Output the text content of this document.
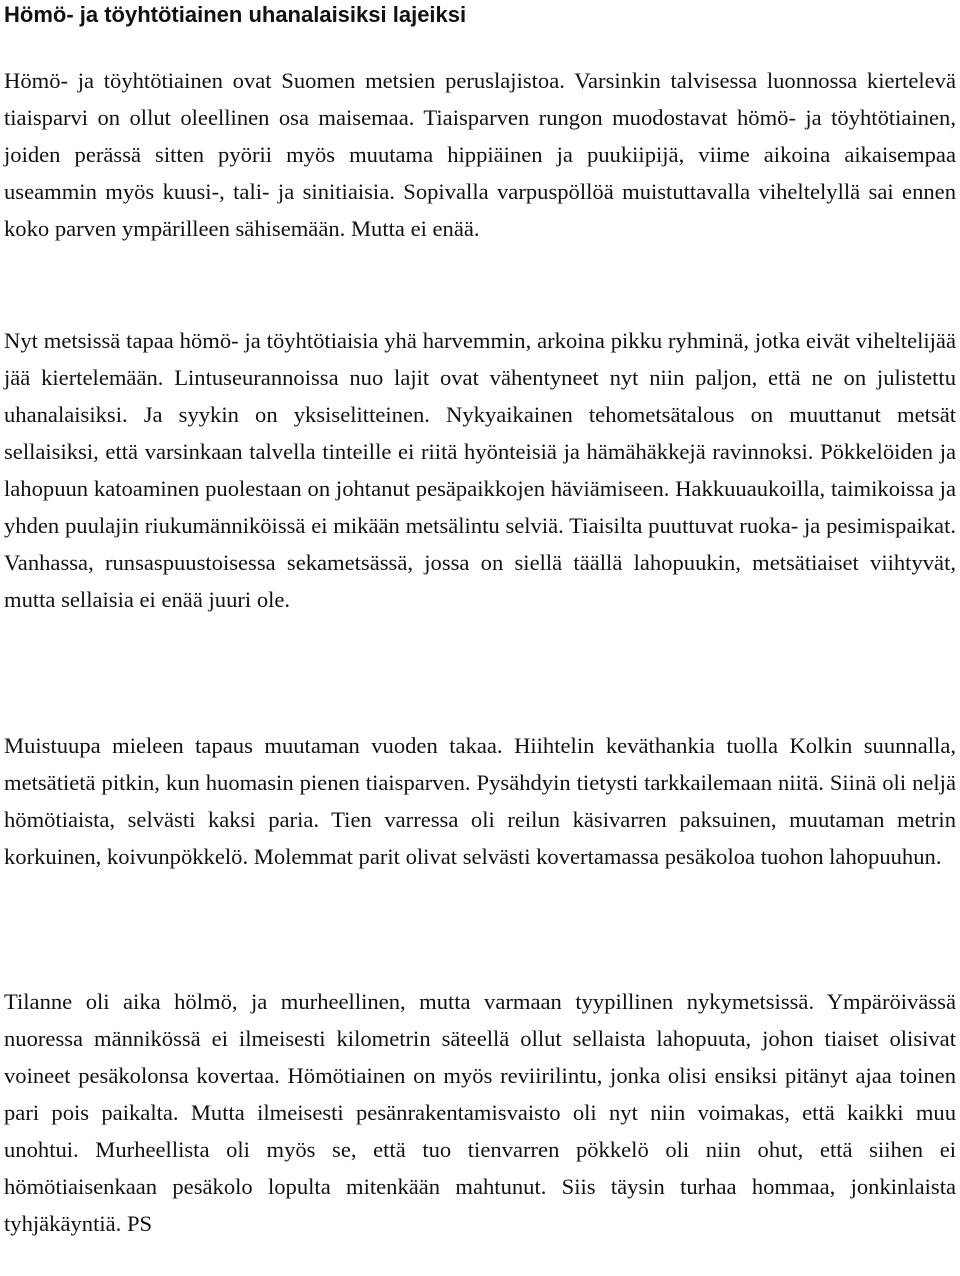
Hömö- ja töyhtötiainen uhanalaisiksi lajeiksi

Hömö- ja töyhtötiainen ovat Suomen metsien peruslajistoa. Varsinkin talvisessa luonnossa kiertelevä tiaisparvi on ollut oleellinen osa maisemaa. Tiaisparven rungon muodostavat hömö- ja töyhtötiainen, joiden perässä sitten pyörii myös muutama hippiäinen ja puukiipijä, viime aikoina aikaisempaa useammin myös kuusi-, tali- ja sinitiaisia. Sopivalla varpuspöllöä muistuttavalla viheltelyllä sai ennen koko parven ympärilleen sähisemään. Mutta ei enää.

Nyt metsissä tapaa hömö- ja töyhtötiaisia yhä harvemmin, arkoina pikku ryhminä, jotka eivät viheltelijää jää kiertelemään. Lintuseurannoissa nuo lajit ovat vähentyneet nyt niin paljon, että ne on julistettu uhanalaisiksi. Ja syykin on yksiselitteinen. Nykyaikainen tehometsätalous on muuttanut metsät sellaisiksi, että varsinkaan talvella tinteille ei riitä hyönteisiä ja hämähäkkejä ravinnoksi. Pökkelöiden ja lahopuun katoaminen puolestaan on johtanut pesäpaikkojen häviämiseen. Hakkuuaukoilla, taimikoissa ja yhden puulajin riukumänniköissä ei mikään metsälintu selviä. Tiaisilta puuttuvat ruoka- ja pesimispaikat. Vanhassa, runsaspuustoisessa sekametsässä, jossa on siellä täällä lahopuukin, metsätiaiset viihtyvät, mutta sellaisia ei enää juuri ole.

Muistuupa mieleen tapaus muutaman vuoden takaa. Hiihtelin keväthankia tuolla Kolkin suunnalla, metsätietä pitkin, kun huomasin pienen tiaisparven. Pysähdyin tietysti tarkkailemaan niitä. Siinä oli neljä hömötiaista, selvästi kaksi paria. Tien varressa oli reilun käsivarren paksuinen, muutaman metrin korkuinen, koivunpökkelö. Molemmat parit olivat selvästi kovertamassa pesäkoloa tuohon lahopuuhun.

Tilanne oli aika hölmö, ja murheellinen, mutta varmaan tyypillinen nykymetsissä. Ympäröivässä nuoressa männikössä ei ilmeisesti kilometrin säteellä ollut sellaista lahopuuta, johon tiaiset olisivat voineet pesäkolonsa kovertaa. Hömötiainen on myös reviirilintu, jonka olisi ensiksi pitänyt ajaa toinen pari pois paikalta. Mutta ilmeisesti pesänrakentamisvaisto oli nyt niin voimakas, että kaikki muu unohtui. Murheellista oli myös se, että tuo tienvarren pökkelö oli niin ohut, että siihen ei hömötiaisenkaan pesäkolo lopulta mitenkään mahtunut. Siis täysin turhaa hommaa, jonkinlaista tyhjäkäyntiä. PS
